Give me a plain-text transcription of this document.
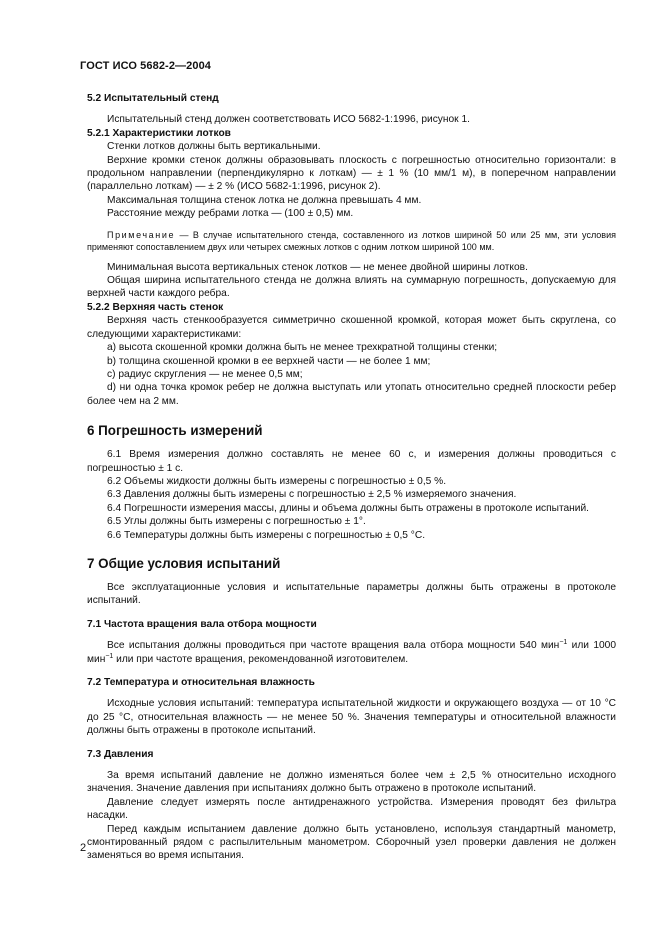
ГОСТ ИСО 5682-2—2004

5.2 Испытательный стенд

Испытательный стенд должен соответствовать ИСО 5682-1:1996, рисунок 1.

5.2.1 Характеристики лотков

Стенки лотков должны быть вертикальными.

Верхние кромки стенок должны образовывать плоскость с погрешностью относительно горизонтали: в продольном направлении (перпендикулярно к лоткам) — ± 1 % (10 мм/1 м), в поперечном направлении (параллельно лоткам) — ± 2 % (ИСО 5682-1:1996, рисунок 2).

Максимальная толщина стенок лотка не должна превышать 4 мм.

Расстояние между ребрами лотка — (100 ± 0,5) мм.

Примечание — В случае испытательного стенда, составленного из лотков шириной 50 или 25 мм, эти условия применяют сопоставлением двух или четырех смежных лотков с одним лотком шириной 100 мм.

Минимальная высота вертикальных стенок лотков — не менее двойной ширины лотков.

Общая ширина испытательного стенда не должна влиять на суммарную погрешность, допускаемую для верхней части каждого ребра.

5.2.2 Верхняя часть стенок

Верхняя часть стенкообразуется симметрично скошенной кромкой, которая может быть скруглена, со следующими характеристиками:

а) высота скошенной кромки должна быть не менее трехкратной толщины стенки;

b) толщина скошенной кромки в ее верхней части — не более 1 мм;

c) радиус скругления — не менее 0,5 мм;

d) ни одна точка кромок ребер не должна выступать или утопать относительно средней плоскости ребер более чем на 2 мм.

6 Погрешность измерений

6.1 Время измерения должно составлять не менее 60 с, и измерения должны проводиться с погрешностью ± 1 с.

6.2 Объемы жидкости должны быть измерены с погрешностью ± 0,5 %.

6.3 Давления должны быть измерены с погрешностью ± 2,5 % измеряемого значения.

6.4 Погрешности измерения массы, длины и объема должны быть отражены в протоколе испытаний.

6.5 Углы должны быть измерены с погрешностью ± 1°.

6.6 Температуры должны быть измерены с погрешностью ± 0,5 °С.

7 Общие условия испытаний

Все эксплуатационные условия и испытательные параметры должны быть отражены в протоколе испытаний.

7.1 Частота вращения вала отбора мощности

Все испытания должны проводиться при частоте вращения вала отбора мощности 540 мин$^{-1}$ или 1000 мин$^{-1}$ или при частоте вращения, рекомендованной изготовителем.

7.2 Температура и относительная влажность

Исходные условия испытаний: температура испытательной жидкости и окружающего воздуха — от 10 °С до 25 °С, относительная влажность — не менее 50 %. Значения температуры и относительной влажности должны быть отражены в протоколе испытаний.

7.3 Давления

За время испытаний давление не должно изменяться более чем ± 2,5 % относительно исходного значения. Значение давления при испытаниях должно быть отражено в протоколе испытаний.

Давление следует измерять после антидренажного устройства. Измерения проводят без фильтра насадки.

Перед каждым испытанием давление должно быть установлено, используя стандартный манометр, смонтированный рядом с распылительным манометром. Сборочный узел проверки давления не должен заменяться во время испытания.

2
